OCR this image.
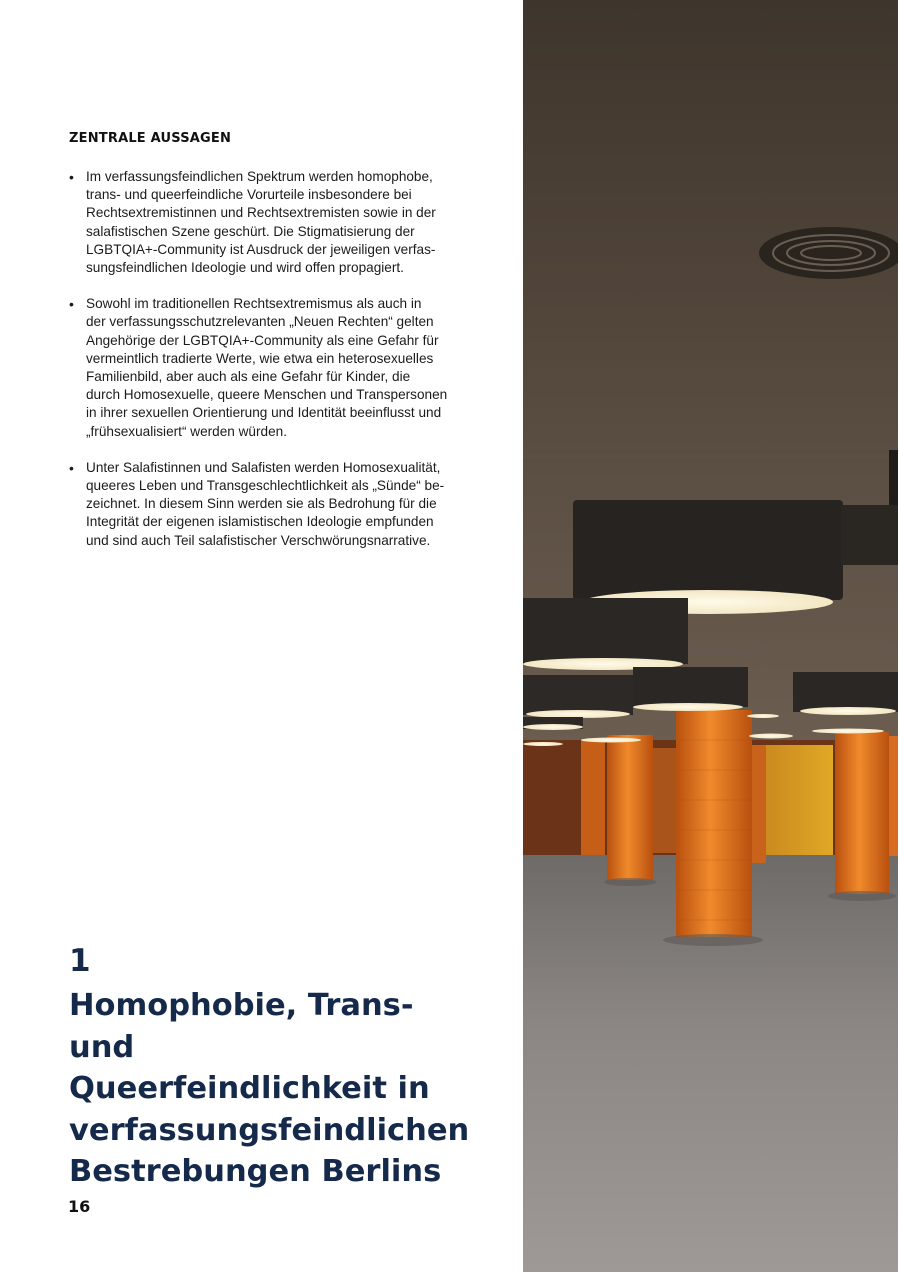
ZENTRALE AUSSAGEN
• Im verfassungsfeindlichen Spektrum werden homophobe,
trans- und queerfeindliche Vorurteile insbesondere bei
Rechtsextremistinnen und Rechtsextremisten sowie in der
salafistischen Szene geschürt. Die Stigmatisierung der
LGBTQIA+-Community ist Ausdruck der jeweiligen verfas-
sungsfeindlichen Ideologie und wird offen propagiert.
• Sowohl im traditionellen Rechtsextremismus als auch in
der verfassungsschutzrelevanten „Neuen Rechten“ gelten
Angehörige der LGBTQIA+-Community als eine Gefahr für
vermeintlich tradierte Werte, wie etwa ein heterosexuelles
Familienbild, aber auch als eine Gefahr für Kinder, die
durch Homosexuelle, queere Menschen und Transpersonen
in ihrer sexuellen Orientierung und Identität beeinflusst und
„frühsexualisiert“ werden würden.
• Unter Salafistinnen und Salafisten werden Homosexualität,
queeres Leben und Transgeschlechtlichkeit als „Sünde“ be-
zeichnet. In diesem Sinn werden sie als Bedrohung für die
Integrität der eigenen islamistischen Ideologie empfunden
und sind auch Teil salafistischer Verschwörungsnarrative.
1
Homophobie, Trans- und
Queerfeindlichkeit in
verfassungsfeindlichen
Bestrebungen Berlins
16
